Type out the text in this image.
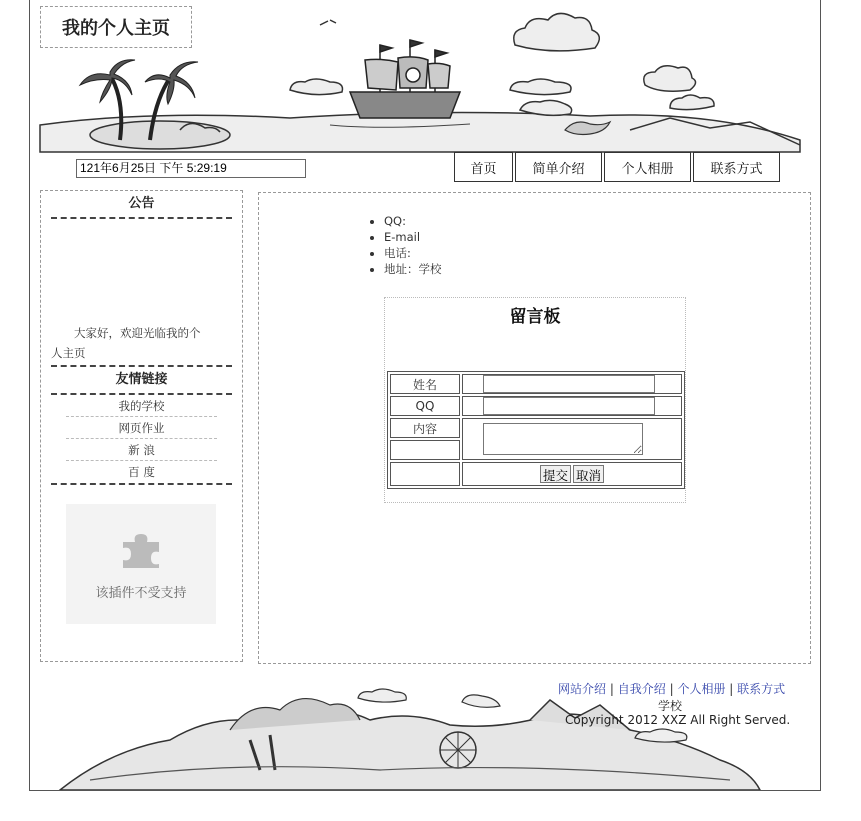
我的个人主页
121年6月25日 下午 5:29:19	首页	简单介绍	个人相册	联系方式
公告
大家好，欢迎光临我的个人主页
友情链接
我的学校
网页作业
新 浪
百 度
该插件不受支持
• QQ:
• E-mail
• 电话:
• 地址：学校
留言板
姓名	
QQ	
内容	

	提交 取消
网站介绍 | 自我介绍 | 个人相册 | 联系方式
学校
Copyright 2012 XXZ All Right Served.
